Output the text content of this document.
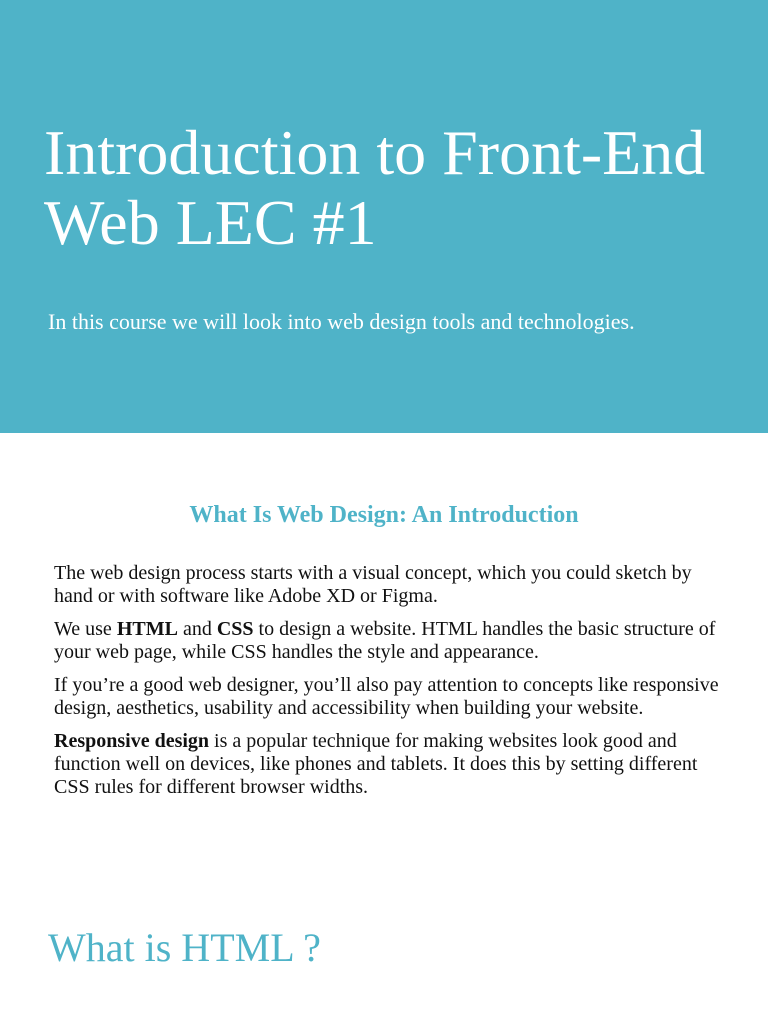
Introduction to Front-End Web LEC #1

In this course we will look into web design tools and technologies.

What Is Web Design: An Introduction

The web design process starts with a visual concept, which you could sketch by hand or with software like Adobe XD or Figma.

We use HTML and CSS to design a website. HTML handles the basic structure of your web page, while CSS handles the style and appearance.

If you’re a good web designer, you’ll also pay attention to concepts like responsive design, aesthetics, usability and accessibility when building your website.

Responsive design is a popular technique for making websites look good and function well on devices, like phones and tablets. It does this by setting different CSS rules for different browser widths.

What is HTML ?
